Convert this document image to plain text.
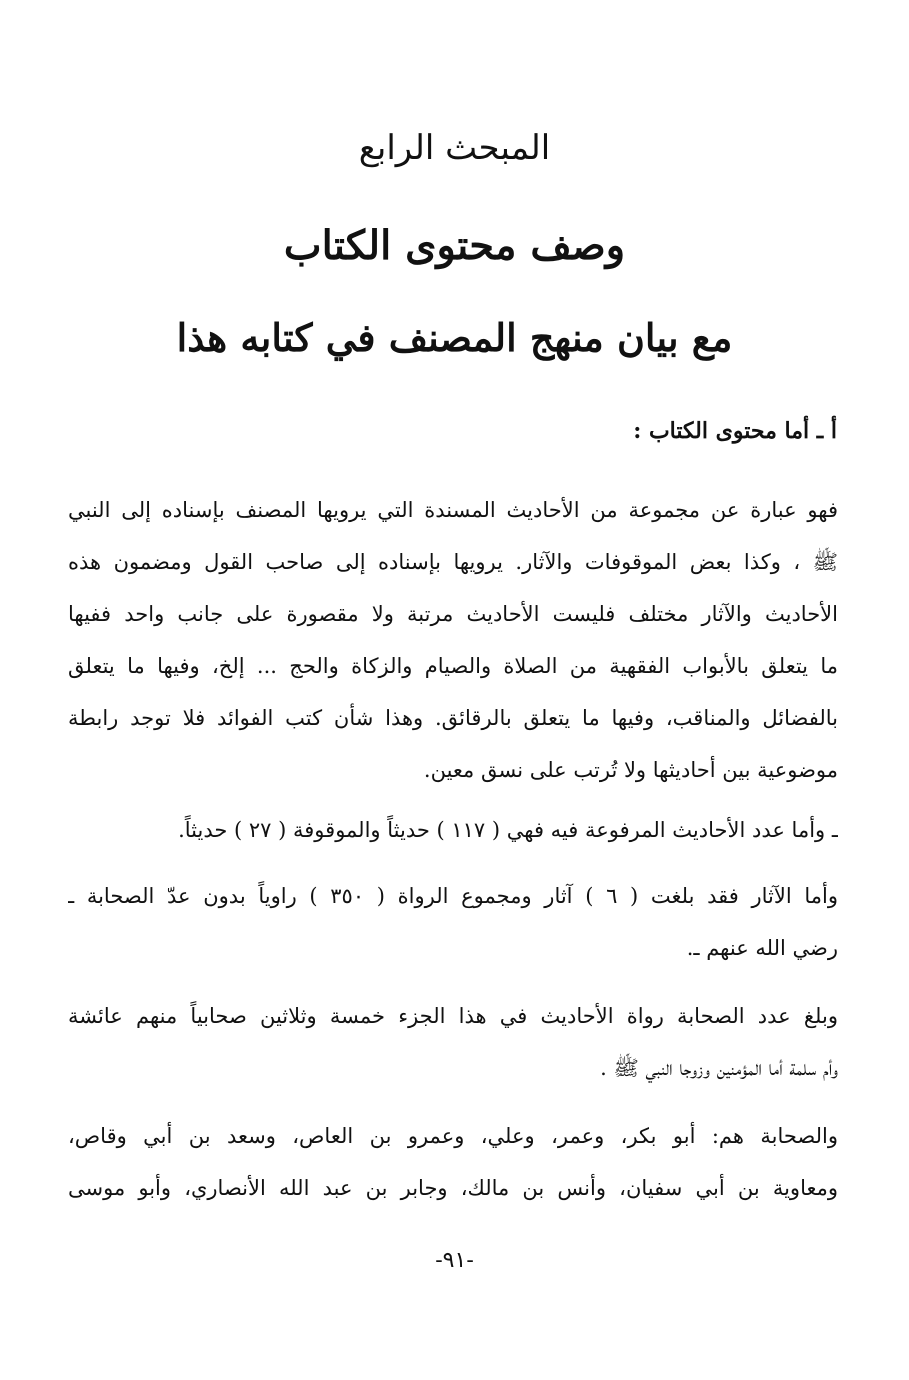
المبحث الرابع
وصف محتوى الكتاب
مع بيان منهج المصنف في كتابه هذا
أ ـ أما محتوى الكتاب :

فهو عبارة عن مجموعة من الأحاديث المسندة التي يرويها المصنف بإسناده إلى النبي
ﷺ ، وكذا بعض الموقوفات والآثار. يرويها بإسناده إلى صاحب القول ومضمون هذه
الأحاديث والآثار مختلف فليست الأحاديث مرتبة ولا مقصورة على جانب واحد ففيها
ما يتعلق بالأبواب الفقهية من الصلاة والصيام والزكاة والحج ... إلخ، وفيها ما يتعلق
بالفضائل والمناقب، وفيها ما يتعلق بالرقائق. وهذا شأن كتب الفوائد فلا توجد رابطة
موضوعية بين أحاديثها ولا تُرتب على نسق معين.

ـ وأما عدد الأحاديث المرفوعة فيه فهي ( ١١٧ ) حديثاً والموقوفة ( ٢٧ ) حديثاً.

وأما الآثار فقد بلغت ( ٦ ) آثار ومجموع الرواة ( ٣٥٠ ) راوياً بدون عدّ الصحابة ـ
رضي الله عنهم ـ.

وبلغ عدد الصحابة رواة الأحاديث في هذا الجزء خمسة وثلاثين صحابياً منهم عائشة
وأم سلمة أما المؤمنين وزوجا النبي ﷺ .

والصحابة هم: أبو بكر، وعمر، وعلي، وعمرو بن العاص، وسعد بن أبي وقاص،
ومعاوية بن أبي سفيان، وأنس بن مالك، وجابر بن عبد الله الأنصاري، وأبو موسى

-٩١-
